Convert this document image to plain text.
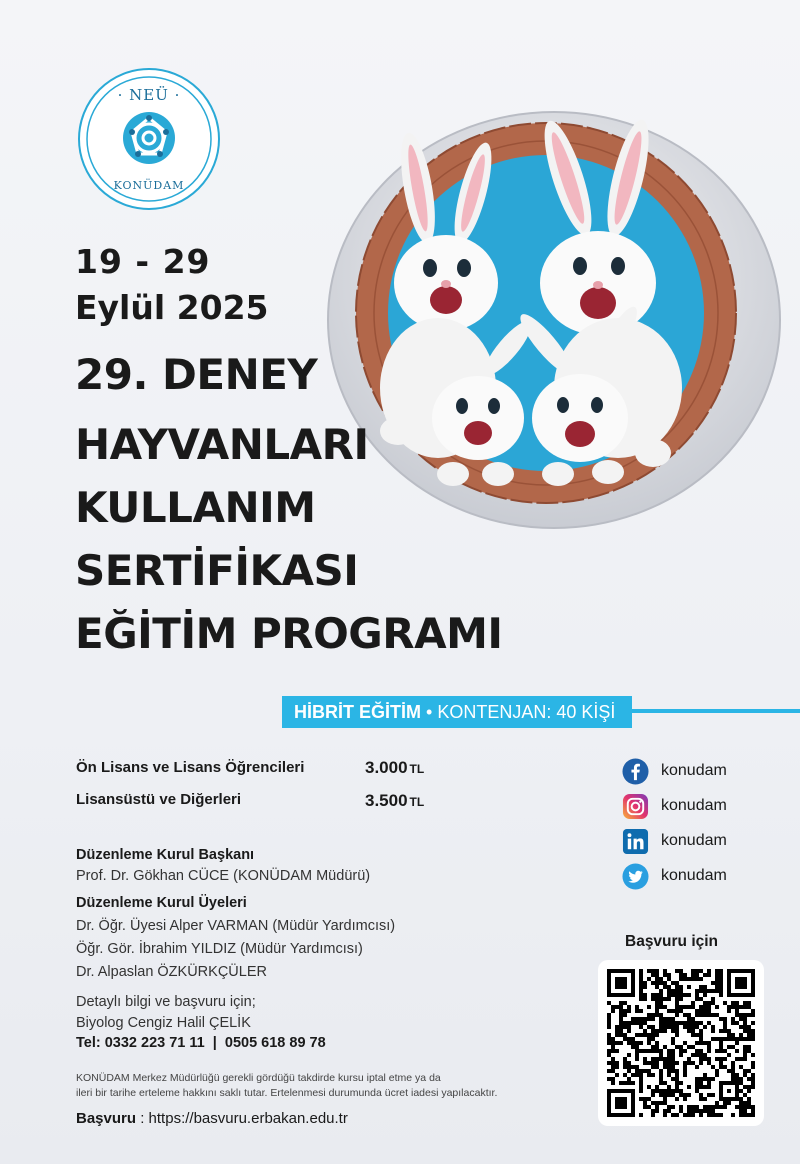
· NEÜ ·
KONÜDAM
19 - 29
Eylül 2025
29. DENEY
HAYVANLARI
KULLANIM
SERTİFİKASI
EĞİTİM PROGRAMI
HİBRİT EĞİTİM • KONTENJAN: 40 KİŞİ
Ön Lisans ve Lisans Öğrencileri	3.000 TL
Lisansüstü ve Diğerleri	3.500 TL
konudam
konudam
konudam
konudam
Düzenleme Kurul Başkanı
Prof. Dr. Gökhan CÜCE (KONÜDAM Müdürü)
Düzenleme Kurul Üyeleri
Dr. Öğr. Üyesi Alper VARMAN (Müdür Yardımcısı)
Öğr. Gör. İbrahim YILDIZ (Müdür Yardımcısı)
Dr. Alpaslan ÖZKÜRKÇÜLER
Detaylı bilgi ve başvuru için;
Biyolog Cengiz Halil ÇELİK
Tel: 0332 223 71 11  |  0505 618 89 78
KONÜDAM Merkez Müdürlüğü gerekli gördüğü takdirde kursu iptal etme ya da
ileri bir tarihe erteleme hakkını saklı tutar. Ertelenmesi durumunda ücret iadesi yapılacaktır.
Başvuru : https://basvuru.erbakan.edu.tr
Başvuru için
